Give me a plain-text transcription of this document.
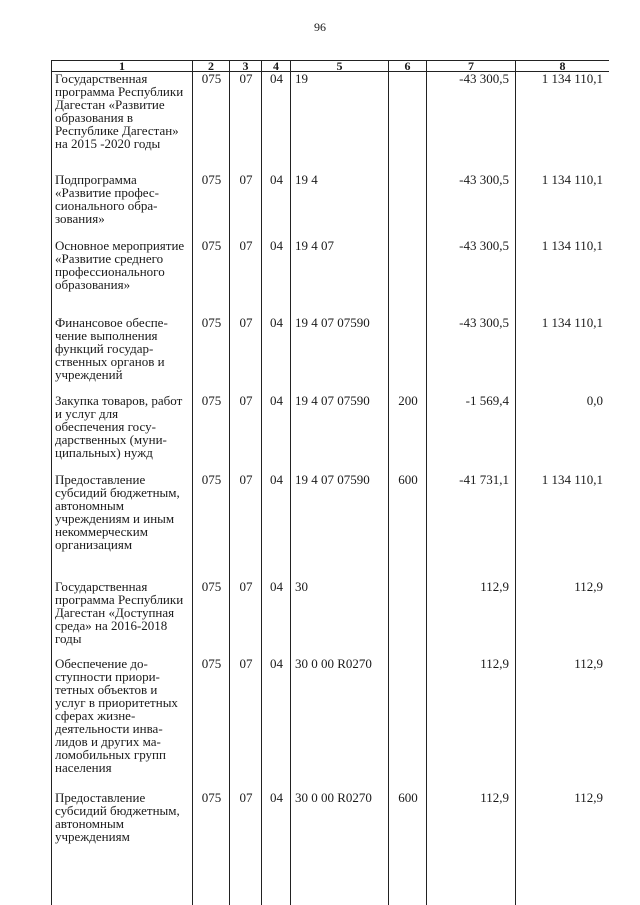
96
1	2	3	4	5	6	7	8
Государственная программа Республики Дагестан «Развитие образования в Республике Дагестан» на 2015 -2020 годы	075	07	04	19		-43 300,5	1 134 110,1
Подпрограмма «Развитие профессионального образования»	075	07	04	19 4		-43 300,5	1 134 110,1
Основное мероприятие «Развитие среднего профессионального образования»	075	07	04	19 4 07		-43 300,5	1 134 110,1
Финансовое обеспечение выполнения функций государственных органов и учреждений	075	07	04	19 4 07 07590		-43 300,5	1 134 110,1
Закупка товаров, работ и услуг для обеспечения государственных (муниципальных) нужд	075	07	04	19 4 07 07590	200	-1 569,4	0,0
Предоставление субсидий бюджетным, автономным учреждениям и иным некоммерческим организациям	075	07	04	19 4 07 07590	600	-41 731,1	1 134 110,1
Государственная программа Республики Дагестан «Доступная среда» на 2016-2018 годы	075	07	04	30		112,9	112,9
Обеспечение доступности приоритетных объектов и услуг в приоритетных сферах жизнедеятельности инвалидов и других маломобильных групп населения	075	07	04	30 0 00 R0270		112,9	112,9
Предоставление субсидий бюджетным, автономным учреждениям	075	07	04	30 0 00 R0270	600	112,9	112,9
